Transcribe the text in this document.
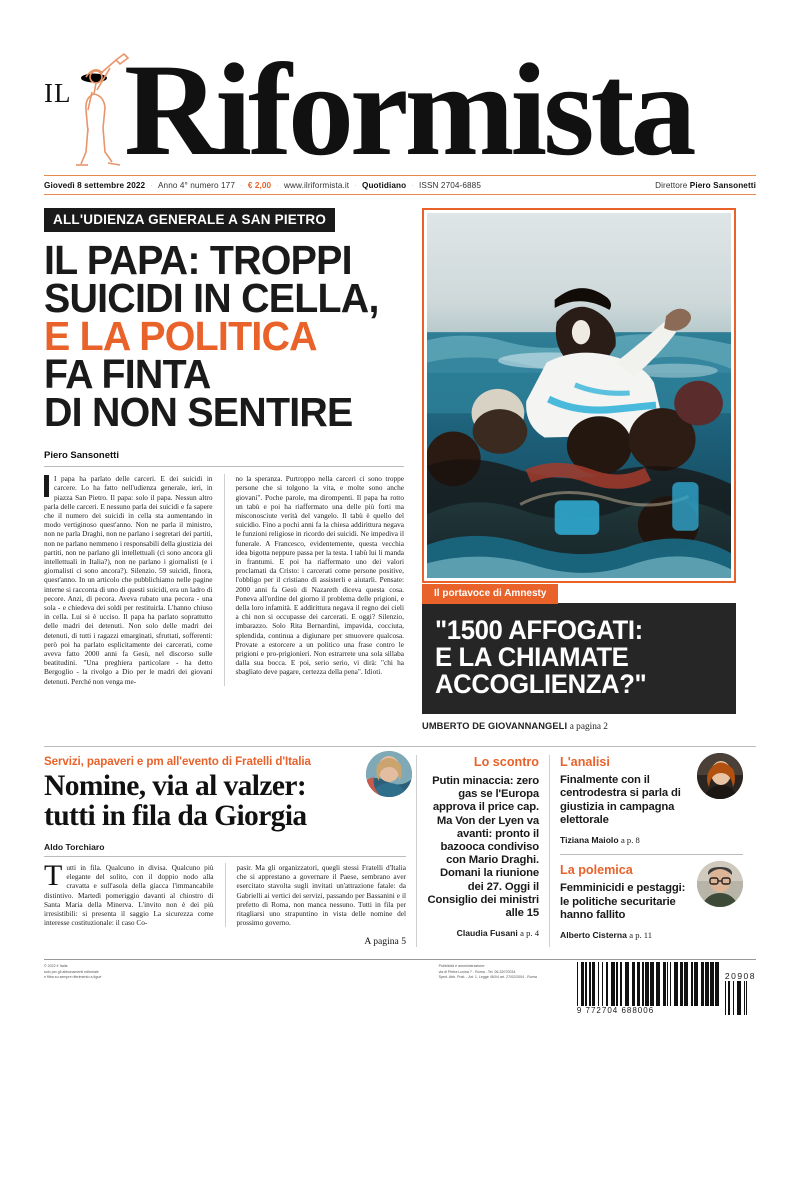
IL Riformista
Giovedì 8 settembre 2022 · Anno 4° numero 177 · € 2,00 · www.ilriformista.it · Quotidiano · ISSN 2704-6885	Direttore Piero Sansonetti
ALL'UDIENZA GENERALE A SAN PIETRO
IL PAPA: TROPPI
SUICIDI IN CELLA,
E LA POLITICA
FA FINTA
DI NON SENTIRE
Piero Sansonetti
I papa ha parlato delle carceri. E dei suicidi in carcere. Lo ha fatto nell'udienza generale, ieri, in piazza San Pietro. Il papa: solo il papa. Nessun altro parla delle carceri. E nessuno parla dei suicidi e fa sapere che il numero dei suicidi in cella sta aumentando in modo vertiginoso quest'anno. Non ne parla il ministro, non ne parla Draghi, non ne parlano i segretari dei partiti, non ne parlano nemmeno i responsabili della giustizia dei partiti, non ne parlano gli intellettuali (ci sono ancora gli intellettuali in Italia?), non ne parlano i giornalisti (e i giornalisti ci sono ancora?). Silenzio. 59 suicidi, finora, quest'anno. In un articolo che pubblichiamo nelle pagine interne si racconta di uno di questi suicidi, era un ladro di pecore. Anzi, di pecora. Aveva rubato una pecora - una sola - e chiedeva dei soldi per restituirla. L'hanno chiuso in cella. Lui si è ucciso. Il papa ha parlato soprattutto delle madri dei detenuti. Non solo delle madri dei detenuti, di tutti i ragazzi emarginati, sfruttati, sofferenti: però poi ha parlato esplicitamente dei carcerati, come aveva fatto 2000 anni fa Gesù, nel discorso sulle beatitudini. "Una preghiera particolare - ha detto Bergoglio - la rivolgo a Dio per le madri dei giovani detenuti. Perché non venga me-
no la speranza. Purtroppo nella carceri ci sono troppe persone che si tolgono la vita, e molte sono anche giovani". Poche parole, ma dirompenti. Il papa ha rotto un tabù e poi ha riaffermato una delle più forti ma misconosciute verità del vangelo. Il tabù è quello del suicidio. Fino a pochi anni fa la chiesa addirittura negava le funzioni religiose in ricordo dei suicidi. Ne impediva il funerale. A Francesco, evidentemente, questa vecchia idea bigotta neppure passa per la testa. I tabù lui li manda in frantumi. E poi ha riaffermato uno dei valori proclamati da Cristo: i carcerati come persone positive, l'obbligo per il cristiano di assisterli e aiutarli. Pensate: 2000 anni fa Gesù di Nazareth diceva questa cosa. Poneva all'ordine del giorno il problema delle prigioni, e della loro infamità. E addirittura negava il regno dei cieli a chi non si occupasse dei carcerati. E oggi? Silenzio, imbarazzo. Solo Rita Bernardini, impavida, cocciuta, splendida, continua a digiunare per smuovere qualcosa. Provate a estorcere a un politico una frase contro le prigioni e pro-prigionieri. Non estrarrete una sola sillaba dalla sua bocca. E poi, serio serio, vi dirà: "chi ha sbagliato deve pagare, certezza della pena". Idioti.
Il portavoce di Amnesty
"1500 AFFOGATI:
E LA CHIAMATE
ACCOGLIENZA?"
UMBERTO DE GIOVANNANGELI a pagina 2
Servizi, papaveri e pm all'evento di Fratelli d'Italia
Nomine, via al valzer:
tutti in fila da Giorgia
Aldo Torchiaro
T utti in fila. Qualcuno in divisa. Qualcuno più elegante del solito, con il doppio nodo alla cravatta e sull'asola della giacca l'immancabile distintivo. Martedì pomeriggio davanti al chiostro di Santa Maria della Minerva. L'invito non è dei più irresistibili: si presenta il saggio La sicurezza come interesse costituzionale: il caso Co-
pasir. Ma gli organizzatori, quegli stessi Fratelli d'Italia che si apprestano a governare il Paese, sembrano aver esercitato stavolta sugli invitati un'attrazione fatale: da Gabrielli ai vertici dei servizi, passando per Bassanini e il prefetto di Roma, non manca nessuno. Tutti in fila per ritagliarsi uno strapuntino in vista delle nomine del prossimo governo.
A pagina 5
Lo scontro
Putin minaccia: zero gas se l'Europa approva il price cap. Ma Von der Lyen va avanti: pronto il bazooca condiviso con Mario Draghi. Domani la riunione dei 27. Oggi il Consiglio dei ministri alle 15
Claudia Fusani a p. 4
L'analisi
Finalmente con il centrodestra si parla di giustizia in campagna elettorale
Tiziana Maiolo a p. 8
La polemica
Femminicidi e pestaggi: le politiche securitarie hanno fallito
Alberto Cisterna a p. 11
© 2022 ii' Italia
solo per gli abbonamenti editoriale
e filtra su sempre riferimento a tiguè
Pubblicità e amministrazione:
via di Pietra Lucina 7 - Roma - Tel. 06.32070034
Sped. Abb. Post. - Art. 1, Legge 46/04 art. 27/02/2004 - Roma
9 772704 688006
20908
